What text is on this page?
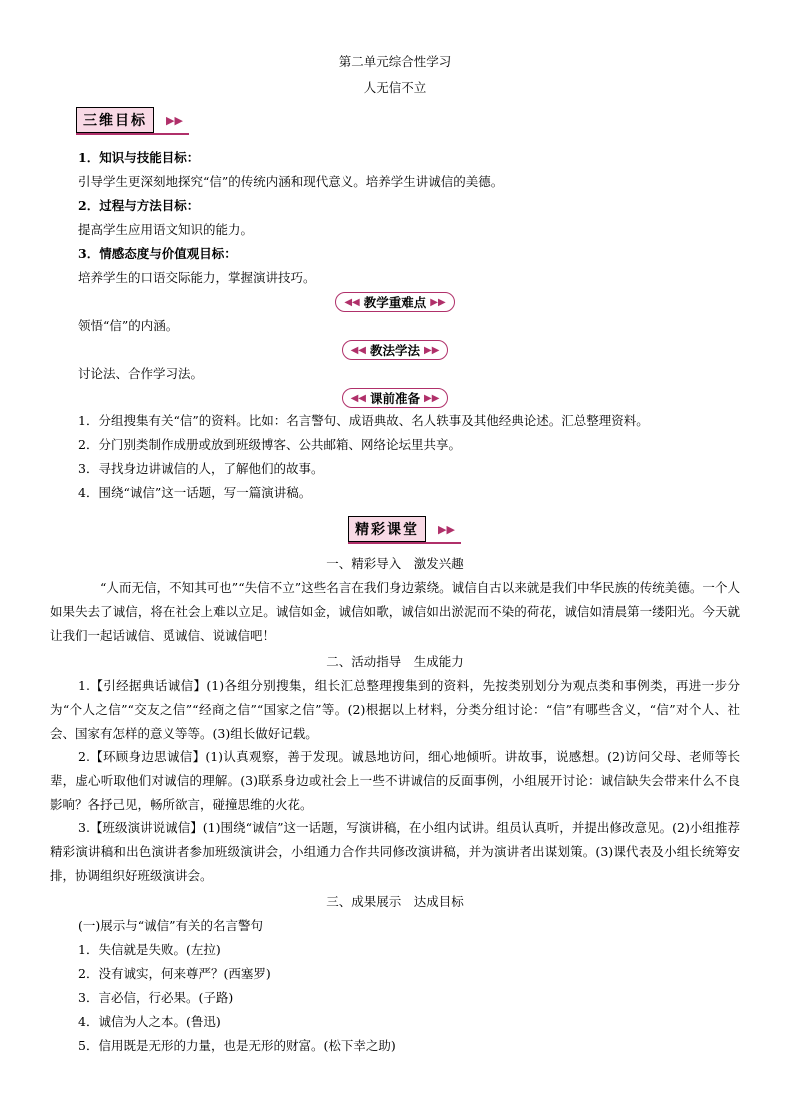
第二单元综合性学习
人无信不立
三维目标	▶▶
1．知识与技能目标：
引导学生更深刻地探究“信”的传统内涵和现代意义。培养学生讲诚信的美德。
2．过程与方法目标：
提高学生应用语文知识的能力。
3．情感态度与价值观目标：
培养学生的口语交际能力，掌握演讲技巧。
◀◀ 教学重难点 ▶▶
领悟“信”的内涵。
◀◀ 教法学法 ▶▶
讨论法、合作学习法。
◀◀ 课前准备 ▶▶
1．分组搜集有关“信”的资料。比如：名言警句、成语典故、名人轶事及其他经典论述。汇总整理资料。
2．分门别类制作成册或放到班级博客、公共邮箱、网络论坛里共享。
3．寻找身边讲诚信的人，了解他们的故事。
4．围绕“诚信”这一话题，写一篇演讲稿。
精彩课堂	▶▶
一、精彩导入　激发兴趣
“人而无信，不知其可也”“失信不立”这些名言在我们身边萦绕。诚信自古以来就是我们中华民族的传统美德。一个人如果失去了诚信，将在社会上难以立足。诚信如金，诚信如歌，诚信如出淤泥而不染的荷花，诚信如清晨第一缕阳光。今天就让我们一起话诚信、觅诚信、说诚信吧！
二、活动指导　生成能力
1.【引经据典话诚信】(1)各组分别搜集，组长汇总整理搜集到的资料，先按类别划分为观点类和事例类，再进一步分为“个人之信”“交友之信”“经商之信”“国家之信”等。(2)根据以上材料，分类分组讨论：“信”有哪些含义，“信”对个人、社会、国家有怎样的意义等等。(3)组长做好记载。
2.【环顾身边思诚信】(1)认真观察，善于发现。诚恳地访问，细心地倾听。讲故事，说感想。(2)访问父母、老师等长辈，虚心听取他们对诚信的理解。(3)联系身边或社会上一些不讲诚信的反面事例，小组展开讨论：诚信缺失会带来什么不良影响？各抒己见，畅所欲言，碰撞思维的火花。
3.【班级演讲说诚信】(1)围绕“诚信”这一话题，写演讲稿，在小组内试讲。组员认真听，并提出修改意见。(2)小组推荐精彩演讲稿和出色演讲者参加班级演讲会，小组通力合作共同修改演讲稿，并为演讲者出谋划策。(3)课代表及小组长统筹安排，协调组织好班级演讲会。
三、成果展示　达成目标
(一)展示与“诚信”有关的名言警句
1．失信就是失败。(左拉)
2．没有诚实，何来尊严？(西塞罗)
3．言必信，行必果。(子路)
4．诚信为人之本。(鲁迅)
5．信用既是无形的力量，也是无形的财富。(松下幸之助)
